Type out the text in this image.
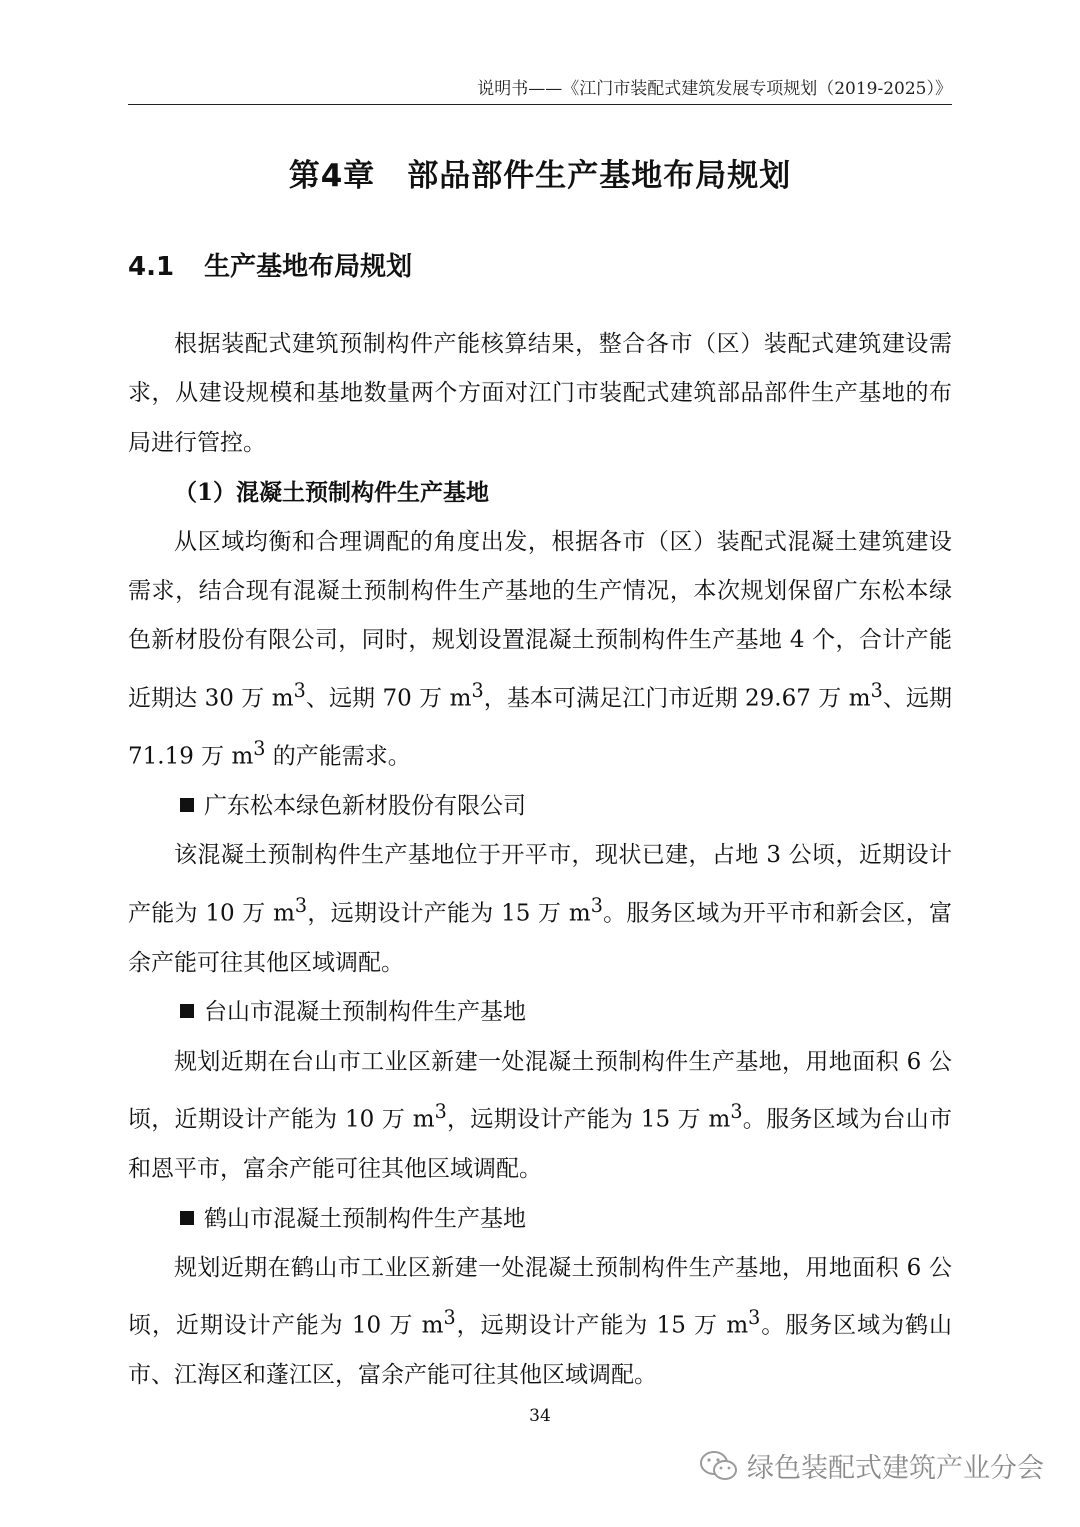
说明书——《江门市装配式建筑发展专项规划（2019-2025）》
第4章　部品部件生产基地布局规划
4.1 生产基地布局规划

根据装配式建筑预制构件产能核算结果，整合各市（区）装配式建筑建设需求，从建设规模和基地数量两个方面对江门市装配式建筑部品部件生产基地的布局进行管控。

（1）混凝土预制构件生产基地

从区域均衡和合理调配的角度出发，根据各市（区）装配式混凝土建筑建设需求，结合现有混凝土预制构件生产基地的生产情况，本次规划保留广东松本绿色新材股份有限公司，同时，规划设置混凝土预制构件生产基地 4 个，合计产能近期达 30 万 $m^3$、远期 70 万 $m^3$，基本可满足江门市近期 29.67 万 $m^3$、远期 71.19 万 $m^3$ 的产能需求。

广东松本绿色新材股份有限公司

该混凝土预制构件生产基地位于开平市，现状已建，占地 3 公顷，近期设计产能为 10 万 $m^3$，远期设计产能为 15 万 $m^3$。服务区域为开平市和新会区，富余产能可往其他区域调配。

台山市混凝土预制构件生产基地

规划近期在台山市工业区新建一处混凝土预制构件生产基地，用地面积 6 公顷，近期设计产能为 10 万 $m^3$，远期设计产能为 15 万 $m^3$。服务区域为台山市和恩平市，富余产能可往其他区域调配。

鹤山市混凝土预制构件生产基地

规划近期在鹤山市工业区新建一处混凝土预制构件生产基地，用地面积 6 公顷，近期设计产能为 10 万 $m^3$，远期设计产能为 15 万 $m^3$。服务区域为鹤山市、江海区和蓬江区，富余产能可往其他区域调配。

34
绿色装配式建筑产业分会
